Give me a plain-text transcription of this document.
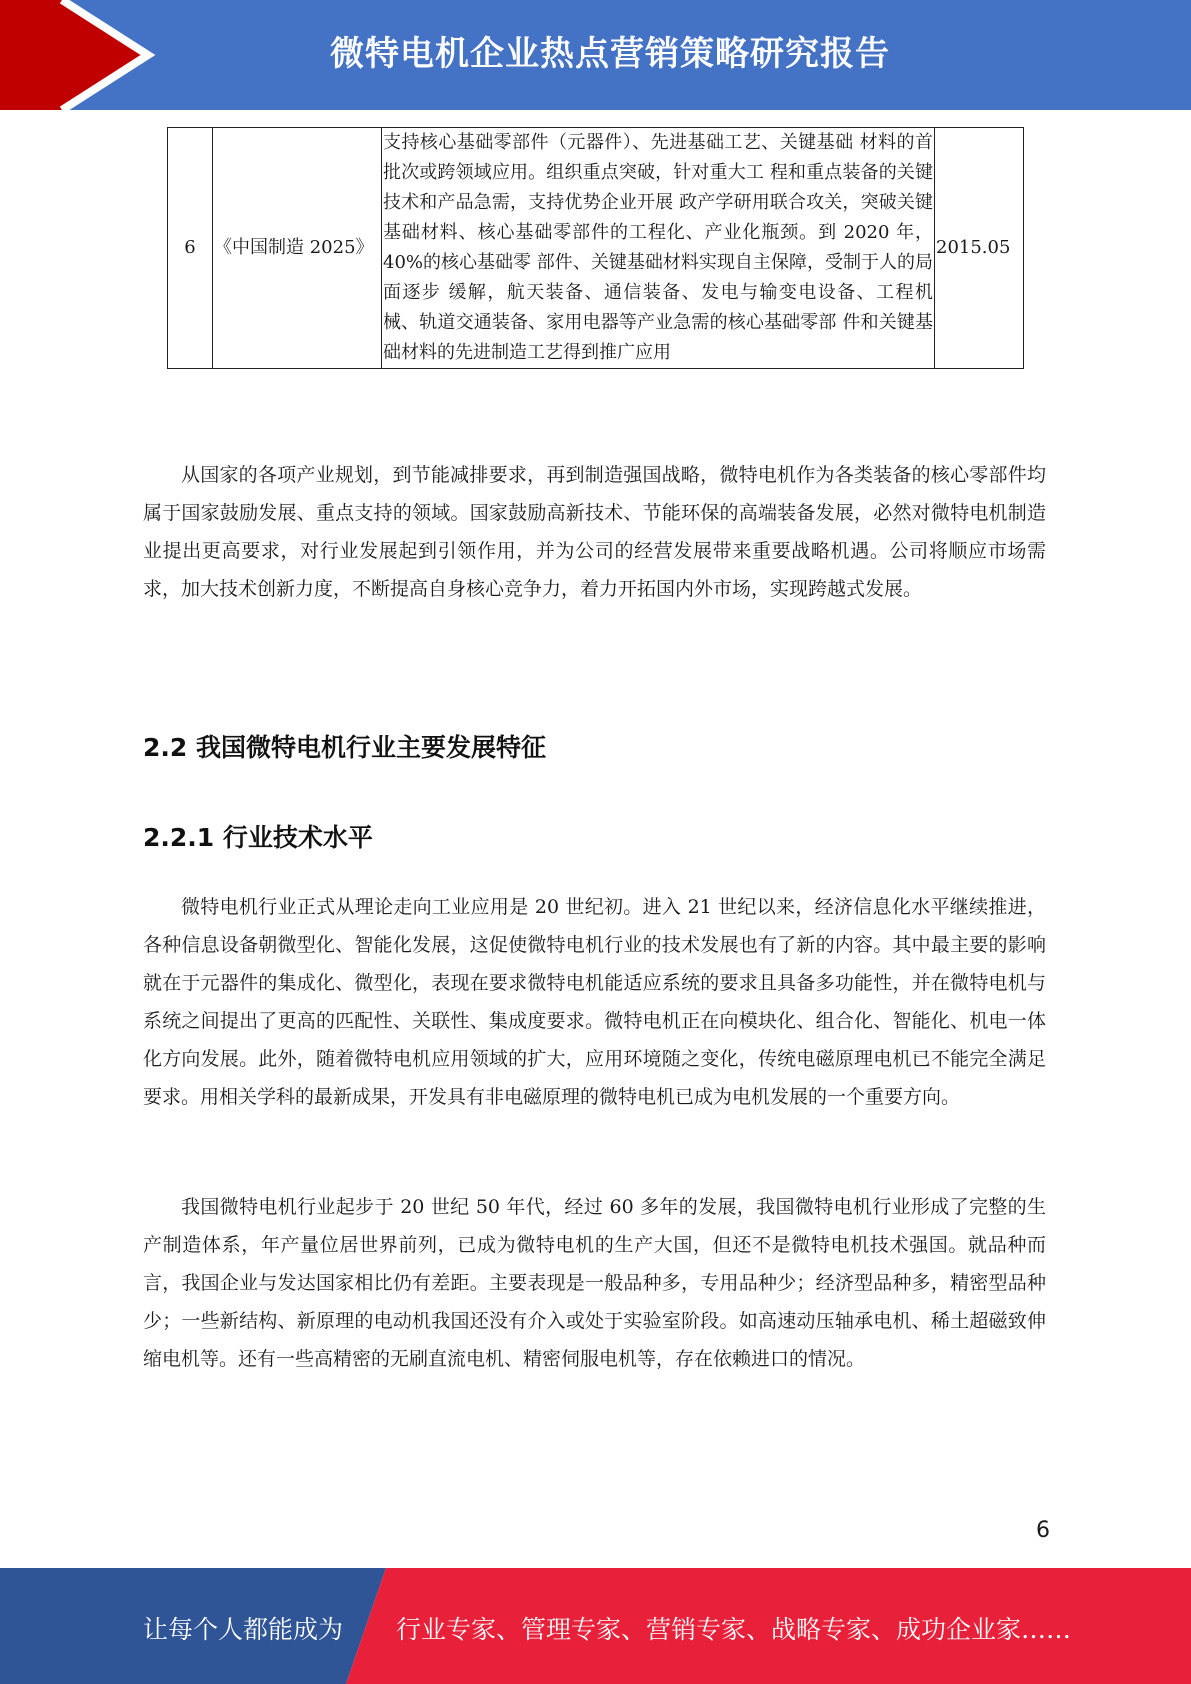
微特电机企业热点营销策略研究报告
6	《中国制造 2025》	支持核心基础零部件（元器件）、先进基础工艺、关键基础 材料的首批次或跨领域应用。组织重点突破，针对重大工 程和重点装备的关键技术和产品急需，支持优势企业开展 政产学研用联合攻关，突破关键基础材料、核心基础零部件的工程化、产业化瓶颈。到 2020 年，40%的核心基础零 部件、关键基础材料实现自主保障，受制于人的局面逐步 缓解，航天装备、通信装备、发电与输变电设备、工程机 械、轨道交通装备、家用电器等产业急需的核心基础零部 件和关键基础材料的先进制造工艺得到推广应用	2015.05

从国家的各项产业规划，到节能减排要求，再到制造强国战略，微特电机作为各类装备的核心零部件均属于国家鼓励发展、重点支持的领域。国家鼓励高新技术、节能环保的高端装备发展，必然对微特电机制造业提出更高要求，对行业发展起到引领作用，并为公司的经营发展带来重要战略机遇。公司将顺应市场需求，加大技术创新力度，不断提高自身核心竞争力，着力开拓国内外市场，实现跨越式发展。

2.2 我国微特电机行业主要发展特征
2.2.1 行业技术水平

微特电机行业正式从理论走向工业应用是 20 世纪初。进入 21 世纪以来，经济信息化水平继续推进，各种信息设备朝微型化、智能化发展，这促使微特电机行业的技术发展也有了新的内容。其中最主要的影响就在于元器件的集成化、微型化，表现在要求微特电机能适应系统的要求且具备多功能性，并在微特电机与系统之间提出了更高的匹配性、关联性、集成度要求。微特电机正在向模块化、组合化、智能化、机电一体化方向发展。此外，随着微特电机应用领域的扩大，应用环境随之变化，传统电磁原理电机已不能完全满足要求。用相关学科的最新成果，开发具有非电磁原理的微特电机已成为电机发展的一个重要方向。

我国微特电机行业起步于 20 世纪 50 年代，经过 60 多年的发展，我国微特电机行业形成了完整的生产制造体系，年产量位居世界前列，已成为微特电机的生产大国，但还不是微特电机技术强国。就品种而言，我国企业与发达国家相比仍有差距。主要表现是一般品种多，专用品种少；经济型品种多，精密型品种少；一些新结构、新原理的电动机我国还没有介入或处于实验室阶段。如高速动压轴承电机、稀土超磁致伸缩电机等。还有一些高精密的无刷直流电机、精密伺服电机等，存在依赖进口的情况。

6
让每个人都能成为 行业专家、管理专家、营销专家、战略专家、成功企业家……
